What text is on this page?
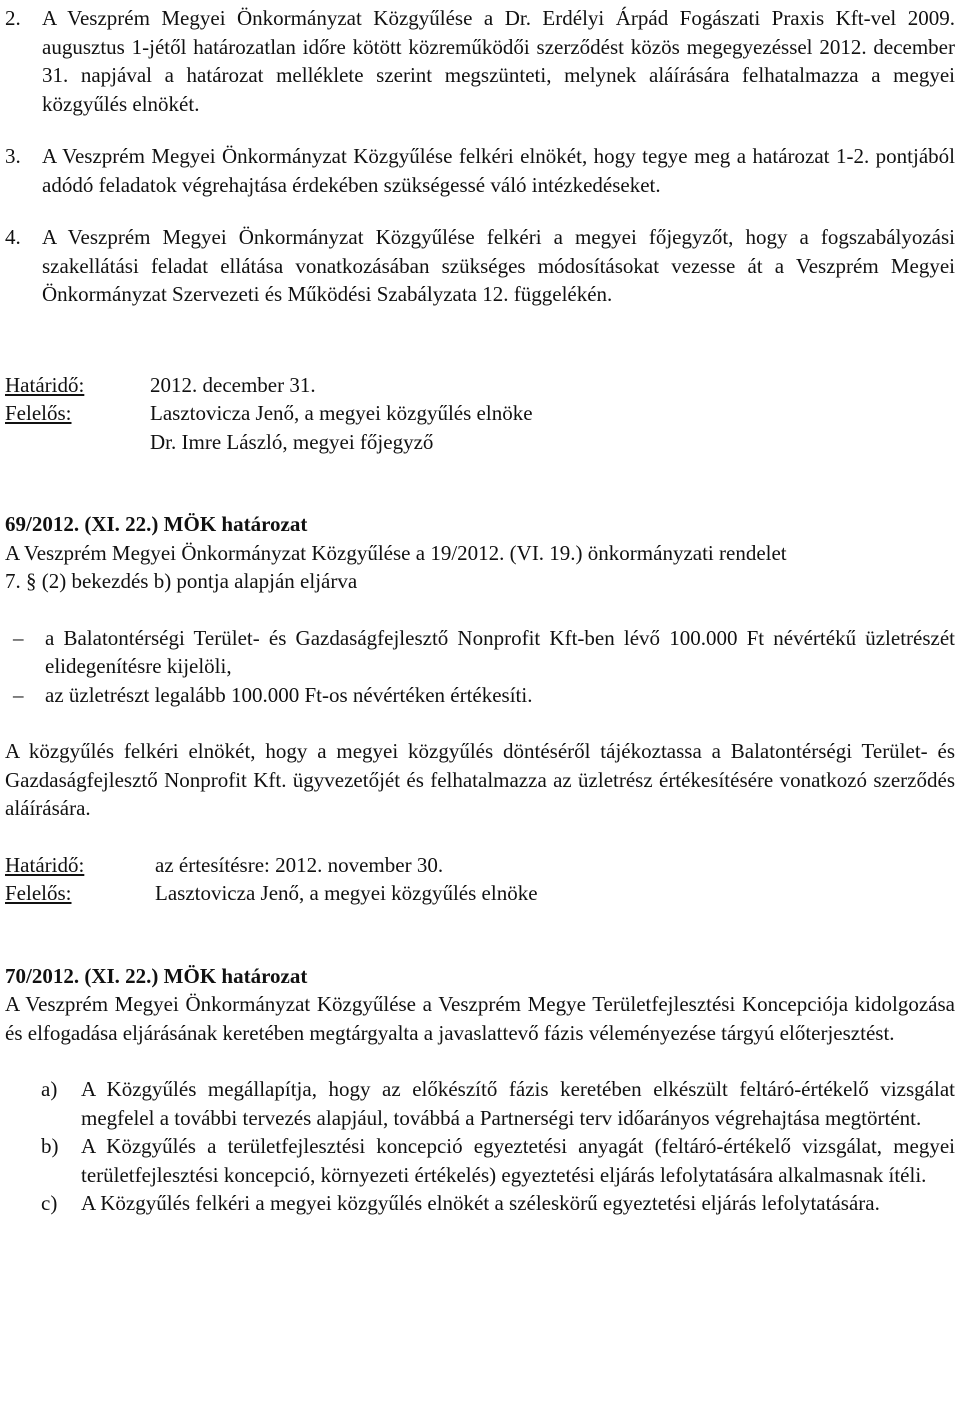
2.	A Veszprém Megyei Önkormányzat Közgyűlése a Dr. Erdélyi Árpád Fogászati Praxis Kft-vel 2009. augusztus 1-jétől határozatlan időre kötött közreműködői szerződést közös megegyezéssel 2012. december 31. napjával a határozat melléklete szerint megszünteti, melynek aláírására felhatalmazza a megyei közgyűlés elnökét.
3.	A Veszprém Megyei Önkormányzat Közgyűlése felkéri elnökét, hogy tegye meg a határozat 1-2. pontjából adódó feladatok végrehajtása érdekében szükségessé váló intézkedéseket.
4.	A Veszprém Megyei Önkormányzat Közgyűlése felkéri a megyei főjegyzőt, hogy a fogszabályozási szakellátási feladat ellátása vonatkozásában szükséges módosításokat vezesse át a Veszprém Megyei Önkormányzat Szervezeti és Működési Szabályzata 12. függelékén.
Határidő:	2012. december 31.
Felelős:	Lasztovicza Jenő, a megyei közgyűlés elnöke
Dr. Imre László, megyei főjegyző

69/2012. (XI. 22.) MÖK határozat

A Veszprém Megyei Önkormányzat Közgyűlése a 19/2012. (VI. 19.) önkormányzati rendelet

7. § (2) bekezdés b) pontja alapján eljárva

–	a Balatontérségi Terület- és Gazdaságfejlesztő Nonprofit Kft-ben lévő 100.000 Ft névértékű üzletrészét elidegenítésre kijelöli,
–	az üzletrészt legalább 100.000 Ft-os névértéken értékesíti.

A közgyűlés felkéri elnökét, hogy a megyei közgyűlés döntéséről tájékoztassa a Balatontérségi Terület- és Gazdaságfejlesztő Nonprofit Kft. ügyvezetőjét és felhatalmazza az üzletrész értékesítésére vonatkozó szerződés aláírására.

Határidő:	az értesítésre: 2012. november 30.
Felelős:	Lasztovicza Jenő, a megyei közgyűlés elnöke

70/2012. (XI. 22.) MÖK határozat

A Veszprém Megyei Önkormányzat Közgyűlése a Veszprém Megye Területfejlesztési Koncepciója kidolgozása és elfogadása eljárásának keretében megtárgyalta a javaslattevő fázis véleményezése tárgyú előterjesztést.

a)	A Közgyűlés megállapítja, hogy az előkészítő fázis keretében elkészült feltáró-értékelő vizsgálat megfelel a további tervezés alapjául, továbbá a Partnerségi terv időarányos végrehajtása megtörtént.
b)	A Közgyűlés a területfejlesztési koncepció egyeztetési anyagát (feltáró-értékelő vizsgálat, megyei területfejlesztési koncepció, környezeti értékelés) egyeztetési eljárás lefolytatására alkalmasnak ítéli.
c)	A Közgyűlés felkéri a megyei közgyűlés elnökét a széleskörű egyeztetési eljárás lefolytatására.
